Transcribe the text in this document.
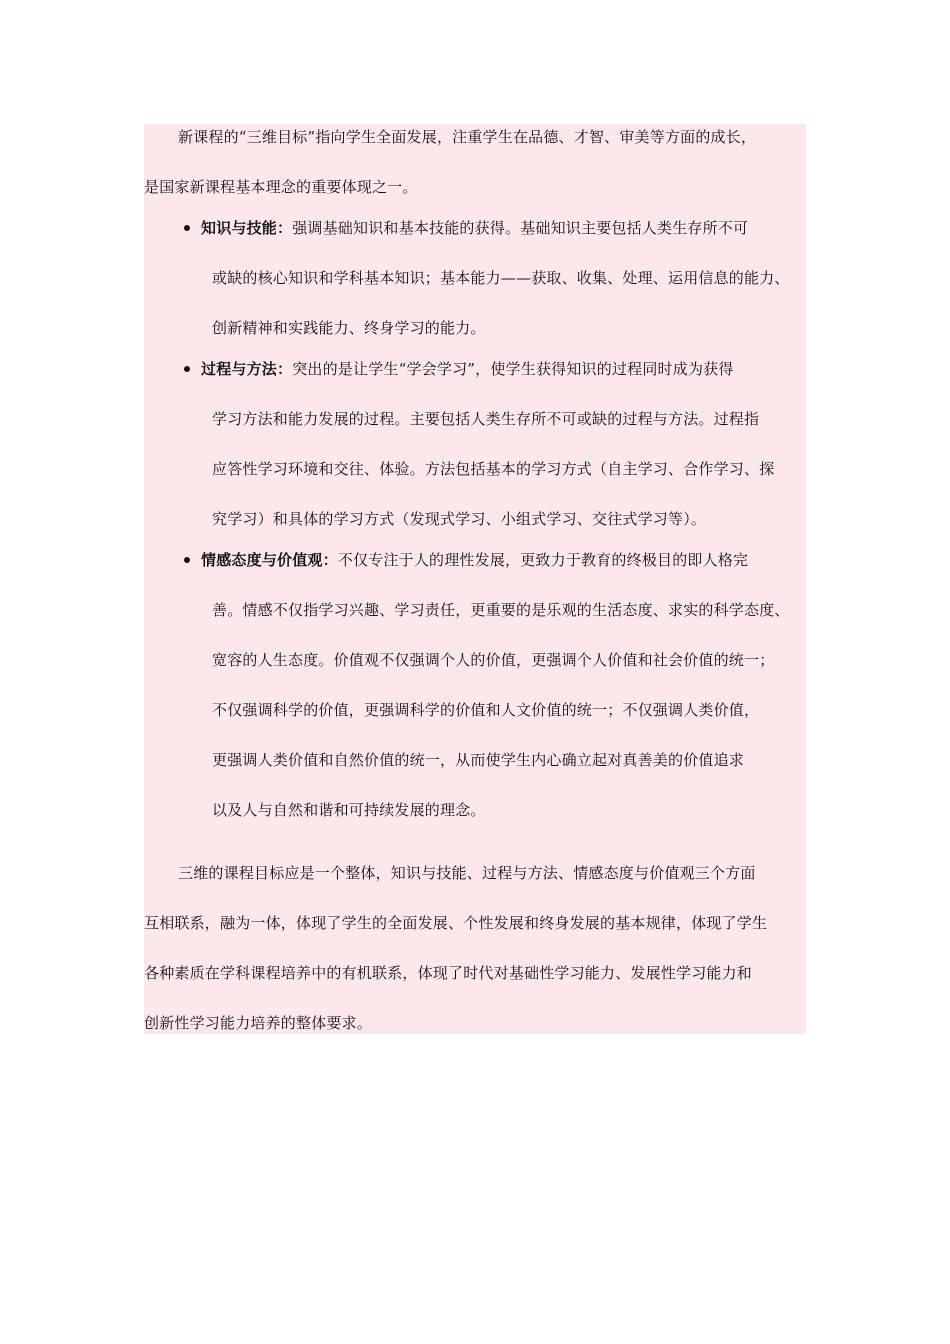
新课程的“三维目标”指向学生全面发展，注重学生在品德、才智、审美等方面的成长，
是国家新课程基本理念的重要体现之一。
知识与技能：强调基础知识和基本技能的获得。基础知识主要包括人类生存所不可
或缺的核心知识和学科基本知识；基本能力——获取、收集、处理、运用信息的能力、
创新精神和实践能力、终身学习的能力。
过程与方法：突出的是让学生“学会学习”，使学生获得知识的过程同时成为获得
学习方法和能力发展的过程。主要包括人类生存所不可或缺的过程与方法。过程指
应答性学习环境和交往、体验。方法包括基本的学习方式（自主学习、合作学习、探
究学习）和具体的学习方式（发现式学习、小组式学习、交往式学习等）。
情感态度与价值观：不仅专注于人的理性发展，更致力于教育的终极目的即人格完
善。情感不仅指学习兴趣、学习责任，更重要的是乐观的生活态度、求实的科学态度、
宽容的人生态度。价值观不仅强调个人的价值，更强调个人价值和社会价值的统一；
不仅强调科学的价值，更强调科学的价值和人文价值的统一；不仅强调人类价值，
更强调人类价值和自然价值的统一，从而使学生内心确立起对真善美的价值追求
以及人与自然和谐和可持续发展的理念。
三维的课程目标应是一个整体，知识与技能、过程与方法、情感态度与价值观三个方面
互相联系，融为一体，体现了学生的全面发展、个性发展和终身发展的基本规律，体现了学生
各种素质在学科课程培养中的有机联系，体现了时代对基础性学习能力、发展性学习能力和
创新性学习能力培养的整体要求。
